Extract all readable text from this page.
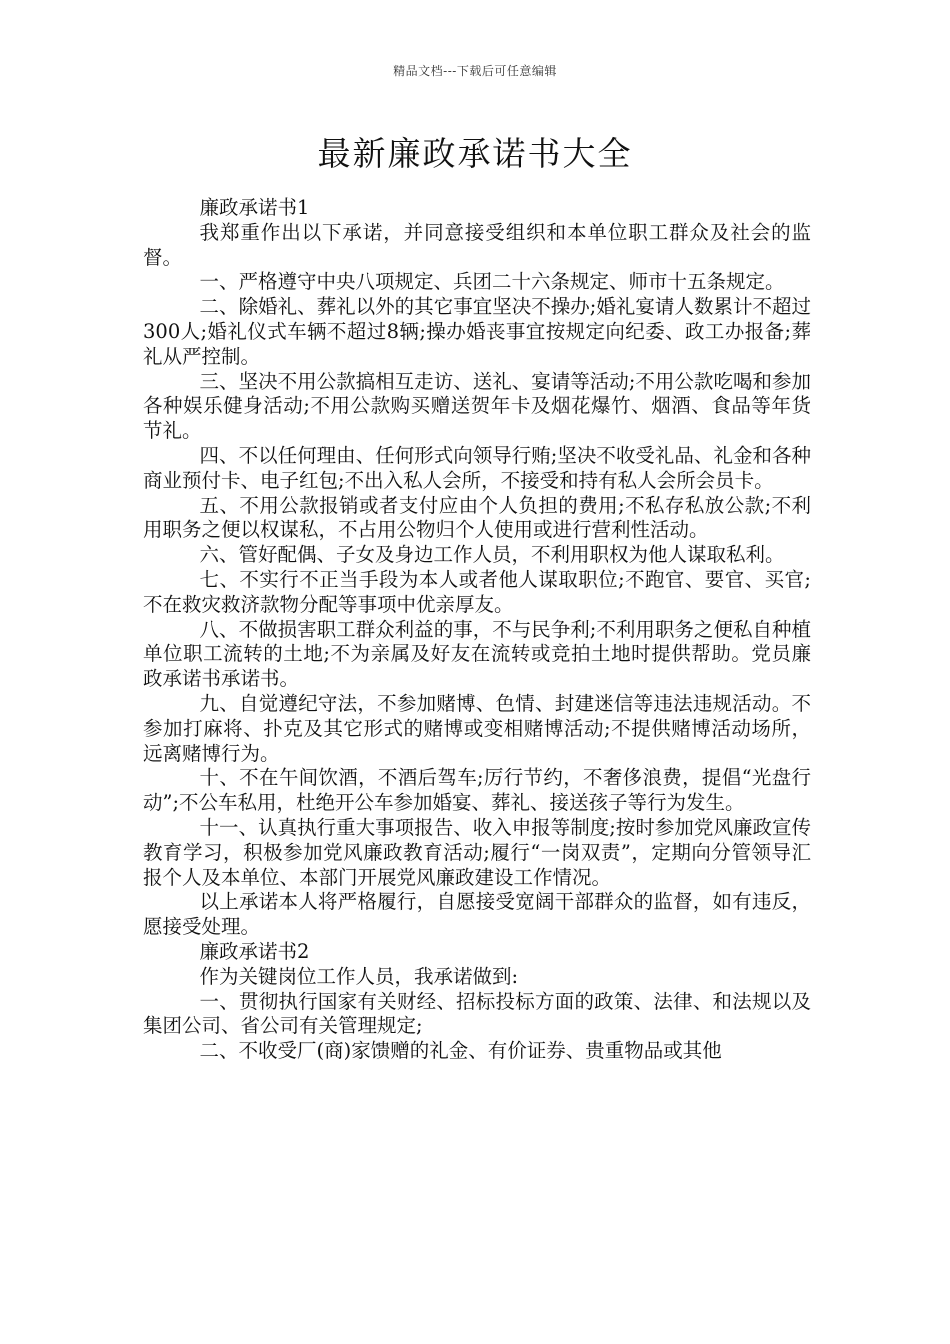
精品文档---下载后可任意编辑
最新廉政承诺书大全

廉政承诺书1

我郑重作出以下承诺，并同意接受组织和本单位职工群众及社会的监督。

一、严格遵守中央八项规定、兵团二十六条规定、师市十五条规定。

二、除婚礼、葬礼以外的其它事宜坚决不操办;婚礼宴请人数累计不超过300人;婚礼仪式车辆不超过8辆;操办婚丧事宜按规定向纪委、政工办报备;葬礼从严控制。

三、坚决不用公款搞相互走访、送礼、宴请等活动;不用公款吃喝和参加各种娱乐健身活动;不用公款购买赠送贺年卡及烟花爆竹、烟酒、食品等年货节礼。

四、不以任何理由、任何形式向领导行贿;坚决不收受礼品、礼金和各种商业预付卡、电子红包;不出入私人会所，不接受和持有私人会所会员卡。

五、不用公款报销或者支付应由个人负担的费用;不私存私放公款;不利用职务之便以权谋私，不占用公物归个人使用或进行营利性活动。

六、管好配偶、子女及身边工作人员，不利用职权为他人谋取私利。

七、不实行不正当手段为本人或者他人谋取职位;不跑官、要官、买官;不在救灾救济款物分配等事项中优亲厚友。

八、不做损害职工群众利益的事，不与民争利;不利用职务之便私自种植单位职工流转的土地;不为亲属及好友在流转或竞拍土地时提供帮助。党员廉政承诺书承诺书。

九、自觉遵纪守法，不参加赌博、色情、封建迷信等违法违规活动。不参加打麻将、扑克及其它形式的赌博或变相赌博活动;不提供赌博活动场所，远离赌博行为。

十、不在午间饮酒，不酒后驾车;厉行节约，不奢侈浪费，提倡“光盘行动”;不公车私用，杜绝开公车参加婚宴、葬礼、接送孩子等行为发生。

十一、认真执行重大事项报告、收入申报等制度;按时参加党风廉政宣传教育学习，积极参加党风廉政教育活动;履行“一岗双责”，定期向分管领导汇报个人及本单位、本部门开展党风廉政建设工作情况。

以上承诺本人将严格履行，自愿接受宽阔干部群众的监督，如有违反，愿接受处理。

廉政承诺书2

作为关键岗位工作人员，我承诺做到:

一、贯彻执行国家有关财经、招标投标方面的政策、法律、和法规以及集团公司、省公司有关管理规定;

二、不收受厂(商)家馈赠的礼金、有价证券、贵重物品或其他
